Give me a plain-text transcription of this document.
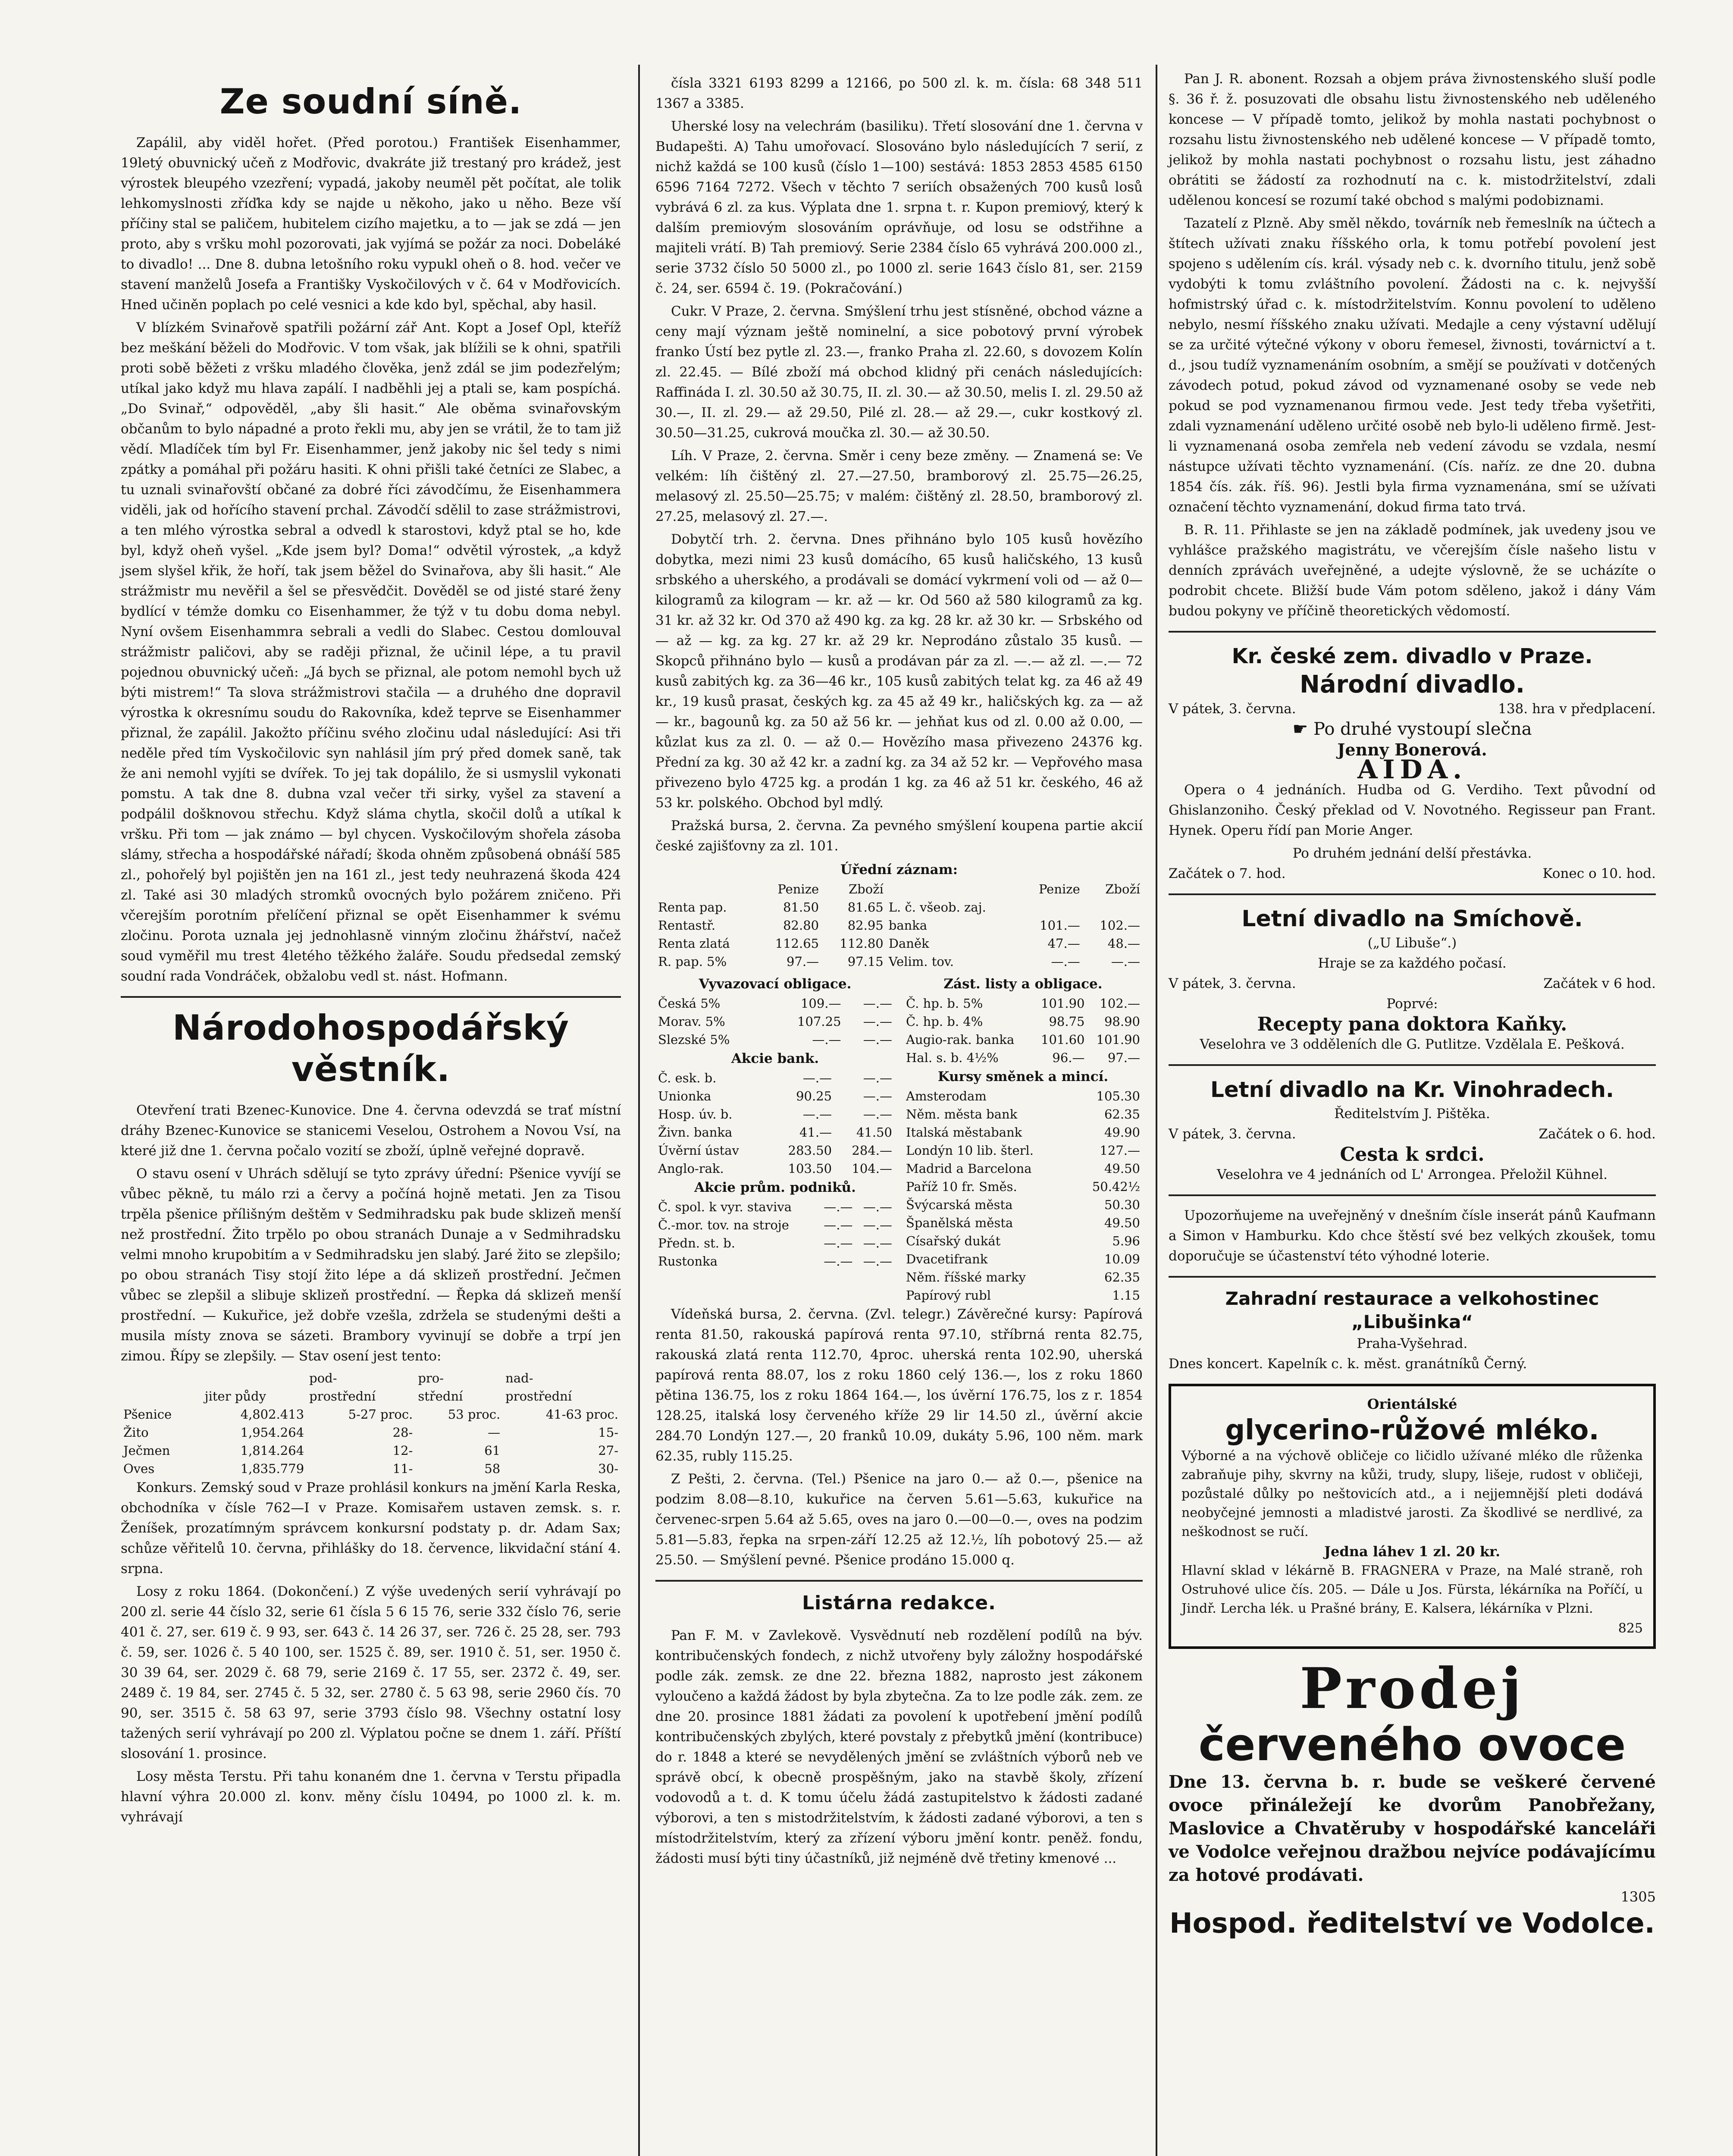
Ze soudní síně.

Zapálil, aby viděl hořet. (Před porotou.) František Eisenhammer, 19letý obuvnický učeň z Modřovic, dvakráte již trestaný pro krádež, jest výrostek bleupého vzezření; vypadá, jakoby neuměl pět počítat, ale tolik lehkomyslnosti zříďka kdy se najde u někoho, jako u něho. Beze vší příčiny stal se paličem, hubitelem cizího majetku, a to — jak se zdá — jen proto, aby s vršku mohl pozorovati, jak vyjímá se požár za noci. Dobeláké to divadlo! ... Dne 8. dubna letošního roku vypukl oheň o 8. hod. večer ve stavení manželů Josefa a Františky Vyskočilových v č. 64 v Modřovicích. Hned učiněn poplach po celé vesnici a kde kdo byl, spěchal, aby hasil.

V blízkém Svinařově spatřili požární zář Ant. Kopt a Josef Opl, kteříž bez meškání běželi do Modřovic. V tom však, jak blížili se k ohni, spatřili proti sobě běžeti z vršku mladého člověka, jenž zdál se jim podezřelým; utíkal jako když mu hlava zapálí. I nadběhli jej a ptali se, kam pospíchá. „Do Svinař,“ odpověděl, „aby šli hasit.“ Ale oběma svinařovským občanům to bylo nápadné a proto řekli mu, aby jen se vrátil, že to tam již vědí. Mladíček tím byl Fr. Eisenhammer, jenž jakoby nic šel tedy s nimi zpátky a pomáhal při požáru hasiti. K ohni přišli také četníci ze Slabec, a tu uznali svinařovští občané za dobré říci závodčímu, že Eisenhammera viděli, jak od hořícího stavení prchal. Závodčí sdělil to zase strážmistrovi, a ten mlého výrostka sebral a odvedl k starostovi, když ptal se ho, kde byl, když oheň vyšel. „Kde jsem byl? Doma!“ odvětil výrostek, „a když jsem slyšel křik, že hoří, tak jsem běžel do Svinařova, aby šli hasit.“ Ale strážmistr mu nevěřil a šel se přesvědčit. Dověděl se od jisté staré ženy bydlící v témže domku co Eisenhammer, že týž v tu dobu doma nebyl. Nyní ovšem Eisenhammra sebrali a vedli do Slabec. Cestou domlouval strážmistr paličovi, aby se raději přiznal, že učinil lépe, a tu pravil pojednou obuvnický učeň: „Já bych se přiznal, ale potom nemohl bych už býti mistrem!“ Ta slova strážmistrovi stačila — a druhého dne dopravil výrostka k okresnímu soudu do Rakovníka, kdež teprve se Eisenhammer přiznal, že zapálil. Jakožto příčinu svého zločinu udal následující: Asi tři neděle před tím Vyskočilovic syn nahlásil jím prý před domek saně, tak že ani nemohl vyjíti se dvířek. To jej tak dopálilo, že si usmyslil vykonati pomstu. A tak dne 8. dubna vzal večer tři sirky, vyšel za stavení a podpálil došknovou střechu. Když sláma chytla, skočil dolů a utíkal k vršku. Při tom — jak známo — byl chycen. Vyskočilovým shořela zásoba slámy, střecha a hospodářské nářadí; škoda ohněm způsobená obnáší 585 zl., pohořelý byl pojištěn jen na 161 zl., jest tedy neuhrazená škoda 424 zl. Také asi 30 mladých stromků ovocných bylo požárem zničeno. Při včerejším porotním přelíčení přiznal se opět Eisenhammer k svému zločinu. Porota uznala jej jednohlasně vinným zločinu žhářství, načež soud vyměřil mu trest 4letého těžkého žaláře. Soudu předsedal zemský soudní rada Vondráček, obžalobu vedl st. nást. Hofmann.

Národohospodářský věstník.

Otevření trati Bzenec-Kunovice. Dne 4. června odevzdá se trať místní dráhy Bzenec-Kunovice se stanicemi Veselou, Ostrohem a Novou Vsí, na které již dne 1. června počalo vozití se zboží, úplně veřejné dopravě.

O stavu osení v Uhrách sdělují se tyto zprávy úřední: Pšenice vyvíjí se vůbec pěkně, tu málo rzi a červy a počíná hojně metati. Jen za Tisou trpěla pšenice přílišným deštěm v Sedmihradsku pak bude sklizeň menší než prostřední. Žito trpělo po obou stranách Dunaje a v Sedmihradsku velmi mnoho krupobitím a v Sedmihradsku jen slabý. Jaré žito se zlepšilo; po obou stranách Tisy stojí žito lépe a dá sklizeň prostřední. Ječmen vůbec se zlepšil a slibuje sklizeň prostřední. — Řepka dá sklizeň menší prostřední. — Kukuřice, jež dobře vzešla, zdržela se studenými dešti a musila místy znova se sázeti. Brambory vyvinují se dobře a trpí jen zimou. Řípy se zlepšily. — Stav osení jest tento:

		pod-	pro-	nad-
	jiter půdy	prostřední	střední	prostřední
Pšenice	4,802.413	5-27 proc.	53 proc.	41-63 proc.
Žito	1,954.264	28-	—	15-
Ječmen	1,814.264	12-	61	27-
Oves	1,835.779	11-	58	30-

Konkurs. Zemský soud v Praze prohlásil konkurs na jmění Karla Reska, obchodníka v čísle 762—I v Praze. Komisařem ustaven zemsk. s. r. Ženíšek, prozatímným správcem konkursní podstaty p. dr. Adam Sax; schůze věřitelů 10. června, přihlášky do 18. července, likvidační stání 4. srpna.

Losy z roku 1864. (Dokončení.) Z výše uvedených serií vyhrávají po 200 zl. serie 44 číslo 32, serie 61 čísla 5 6 15 76, serie 332 číslo 76, serie 401 č. 27, ser. 619 č. 9 93, ser. 643 č. 14 26 37, ser. 726 č. 25 28, ser. 793 č. 59, ser. 1026 č. 5 40 100, ser. 1525 č. 89, ser. 1910 č. 51, ser. 1950 č. 30 39 64, ser. 2029 č. 68 79, serie 2169 č. 17 55, ser. 2372 č. 49, ser. 2489 č. 19 84, ser. 2745 č. 5 32, ser. 2780 č. 5 63 98, serie 2960 čís. 70 90, ser. 3515 č. 58 63 97, serie 3793 číslo 98. Všechny ostatní losy tažených serií vyhrávají po 200 zl. Výplatou počne se dnem 1. září. Příští slosování 1. prosince.

Losy města Terstu. Při tahu konaném dne 1. června v Terstu připadla hlavní výhra 20.000 zl. konv. měny číslu 10494, po 1000 zl. k. m. vyhrávají

čísla 3321 6193 8299 a 12166, po 500 zl. k. m. čísla: 68 348 511 1367 a 3385.

Uherské losy na velechrám (basiliku). Třetí slosování dne 1. června v Budapešti. A) Tahu umořovací. Slosováno bylo následujících 7 serií, z nichž každá se 100 kusů (číslo 1—100) sestává: 1853 2853 4585 6150 6596 7164 7272. Všech v těchto 7 seriích obsažených 700 kusů losů vybrává 6 zl. za kus. Výplata dne 1. srpna t. r. Kupon premiový, který k dalším premiovým slosováním oprávňuje, od losu se odstřihne a majiteli vrátí. B) Tah premiový. Serie 2384 číslo 65 vyhrává 200.000 zl., serie 3732 číslo 50 5000 zl., po 1000 zl. serie 1643 číslo 81, ser. 2159 č. 24, ser. 6594 č. 19. (Pokračování.)

Cukr. V Praze, 2. června. Smýšlení trhu jest stísněné, obchod vázne a ceny mají význam ještě nominelní, a sice pobotový první výrobek franko Ústí bez pytle zl. 23.—, franko Praha zl. 22.60, s dovozem Kolín zl. 22.45. — Bílé zboží má obchod klidný při cenách následujících: Raffináda I. zl. 30.50 až 30.75, II. zl. 30.— až 30.50, melis I. zl. 29.50 až 30.—, II. zl. 29.— až 29.50, Pilé zl. 28.— až 29.—, cukr kostkový zl. 30.50—31.25, cukrová moučka zl. 30.— až 30.50.

Líh. V Praze, 2. června. Směr i ceny beze změny. — Znamená se: Ve velkém: líh čištěný zl. 27.—27.50, bramborový zl. 25.75—26.25, melasový zl. 25.50—25.75; v malém: čištěný zl. 28.50, bramborový zl. 27.25, melasový zl. 27.—.

Dobytčí trh. 2. června. Dnes přihnáno bylo 105 kusů hovězího dobytka, mezi nimi 23 kusů domácího, 65 kusů haličského, 13 kusů srbského a uherského, a prodávali se domácí vykrmení voli od — až 0— kilogramů za kilogram — kr. až — kr. Od 560 až 580 kilogramů za kg. 31 kr. až 32 kr. Od 370 až 490 kg. za kg. 28 kr. až 30 kr. — Srbského od — až — kg. za kg. 27 kr. až 29 kr. Neprodáno zůstalo 35 kusů. — Skopců přihnáno bylo — kusů a prodávan pár za zl. —.— až zl. —.— 72 kusů zabitých kg. za 36—46 kr., 105 kusů zabitých telat kg. za 46 až 49 kr., 19 kusů prasat, českých kg. za 45 až 49 kr., haličských kg. za — až — kr., bagounů kg. za 50 až 56 kr. — jehňat kus od zl. 0.00 až 0.00, — kůzlat kus za zl. 0. — až 0.— Hovězího masa přivezeno 24376 kg. Přední za kg. 30 až 42 kr. a zadní kg. za 34 až 52 kr. — Vepřového masa přivezeno bylo 4725 kg. a prodán 1 kg. za 46 až 51 kr. českého, 46 až 53 kr. polského. Obchod byl mdlý.

Pražská bursa, 2. června. Za pevného smýšlení koupena partie akcií české zajišťovny za zl. 101.

Úřední záznam:
	Penize	Zboží		Penize	Zboží
Renta pap.	81.50	81.65	L. č. všeob. zaj.		
Rentastř.	82.80	82.95	banka	101.—	102.—
Renta zlatá	112.65	112.80	Daněk	47.—	48.—
R. pap. 5%	97.—	97.15	Velim. tov.	—.—	—.—
Vyvazovací obligace.
Česká 5%	109.—	—.—
Morav. 5%	107.25	—.—
Slezské 5%	—.—	—.—
Akcie bank.
Č. esk. b.	—.—	—.—
Unionka	90.25	—.—
Hosp. úv. b.	—.—	—.—
Živn. banka	41.—	41.50
Úvěrní ústav	283.50	284.—
Anglo-rak.	103.50	104.—
Akcie prům. podniků.
Č. spol. k vyr. staviva	—.—	—.—
Č.-mor. tov. na stroje	—.—	—.—
Předn. st. b.	—.—	—.—
Rustonka	—.—	—.—
Zást. listy a obligace.
Č. hp. b. 5%	101.90	102.—
Č. hp. b. 4%	98.75	98.90
Augio-rak. banka	101.60	101.90
Hal. s. b. 4½%	96.—	97.—
Kursy směnek a mincí.
Amsterodam	105.30
Něm. města bank	62.35
Italská městabank	49.90
Londýn 10 lib. šterl.	127.—
Madrid a Barcelona	49.50
Paříž 10 fr. Směs.	50.42½
Švýcarská města	50.30
Španělská města	49.50
Císařský dukát	5.96
Dvacetifrank	10.09
Něm. říšské marky	62.35
Papírový rubl	1.15

Vídeňská bursa, 2. června. (Zvl. telegr.) Závěrečné kursy: Papírová renta 81.50, rakouská papírová renta 97.10, stříbrná renta 82.75, rakouská zlatá renta 112.70, 4proc. uherská renta 102.90, uherská papírová renta 88.07, los z roku 1860 celý 136.—, los z roku 1860 pětina 136.75, los z roku 1864 164.—, los úvěrní 176.75, los z r. 1854 128.25, italská losy červeného kříže 29 lir 14.50 zl., úvěrní akcie 284.70 Londýn 127.—, 20 franků 10.09, dukáty 5.96, 100 něm. mark 62.35, rubly 115.25.

Z Pešti, 2. června. (Tel.) Pšenice na jaro 0.— až 0.—, pšenice na podzim 8.08—8.10, kukuřice na červen 5.61—5.63, kukuřice na červenec-srpen 5.64 až 5.65, oves na jaro 0.—00—0.—, oves na podzim 5.81—5.83, řepka na srpen-září 12.25 až 12.½, líh pobotový 25.— až 25.50. — Smýšlení pevné. Pšenice prodáno 15.000 q.

Listárna redakce.

Pan F. M. v Zavlekově. Vysvědnutí neb rozdělení podílů na býv. kontribučenských fondech, z nichž utvořeny byly záložny hospodářské podle zák. zemsk. ze dne 22. března 1882, naprosto jest zákonem vyloučeno a každá žádost by byla zbytečna. Za to lze podle zák. zem. ze dne 20. prosince 1881 žádati za povolení k upotřebení jmění podílů kontribučenských zbylých, které povstaly z přebytků jmění (kontribuce) do r. 1848 a které se nevydělených jmění se zvláštních výborů neb ve správě obcí, k obecně prospěšným, jako na stavbě školy, zřízení vodovodů a t. d. K tomu účelu žádá zastupitelstvo k žádosti zadané výborovi, a ten s mistodržitelstvím, k žádosti zadané výborovi, a ten s místodržitelstvím, který za zřízení výboru jmění kontr. peněž. fondu, žádosti musí býti tiny účastníků, již nejméně dvě třetiny kmenové ...

Pan J. R. abonent. Rozsah a objem práva živnostenského sluší podle §. 36 ř. ž. posuzovati dle obsahu listu živnostenského neb uděleného koncese — V případě tomto, jelikož by mohla nastati pochybnost o rozsahu listu živnostenského neb udělené koncese — V případě tomto, jelikož by mohla nastati pochybnost o rozsahu listu, jest záhadno obrátiti se žádostí za rozhodnutí na c. k. mistodržitelství, zdali udělenou koncesí se rozumí také obchod s malými podobiznami.

Tazatelí z Plzně. Aby směl někdo, továrník neb řemeslník na účtech a štítech užívati znaku říšského orla, k tomu potřebí povolení jest spojeno s udělením cís. král. výsady neb c. k. dvorního titulu, jenž sobě vydobýti k tomu zvláštního povolení. Žádosti na c. k. nejvyšší hofmistrský úřad c. k. místodržitelstvím. Konnu povolení to uděleno nebylo, nesmí říšského znaku užívati. Medajle a ceny výstavní udělují se za určité výtečné výkony v oboru řemesel, živnosti, továrnictví a t. d., jsou tudíž vyznamenáním osobním, a smějí se používati v dotčených závodech potud, pokud závod od vyznamenané osoby se vede neb pokud se pod vyznamenanou firmou vede. Jest tedy třeba vyšetřiti, zdali vyznamenání uděleno určité osobě neb bylo-li uděleno firmě. Jest-li vyznamenaná osoba zemřela neb vedení závodu se vzdala, nesmí nástupce užívati těchto vyznamenání. (Cís. naříz. ze dne 20. dubna 1854 čís. zák. říš. 96). Jestli byla firma vyznamenána, smí se užívati označení těchto vyznamenání, dokud firma tato trvá.

B. R. 11. Přihlaste se jen na základě podmínek, jak uvedeny jsou ve vyhlášce pražského magistrátu, ve včerejším čísle našeho listu v denních zprávách uveřejněné, a udejte výslovně, že se ucházíte o podrobit chcete. Bližší bude Vám potom sděleno, jakož i dány Vám budou pokyny ve příčině theoretických vědomostí.

Kr. české zem. divadlo v Praze.
Národní divadlo.
V pátek, 3. června.	138. hra v předplacení.
☛ Po druhé vystoupí slečna
Jenny Bonerová.
AIDA.

Opera o 4 jednáních. Hudba od G. Verdiho. Text původní od Ghislanzoniho. Český překlad od V. Novotného. Regisseur pan Frant. Hynek. Operu řídí pan Morie Anger.

Po druhém jednání delší přestávka.
Začátek o 7. hod.	Konec o 10. hod.
Letní divadlo na Smíchově.
(„U Libuše“.)
Hraje se za každého počasí.
V pátek, 3. června.	Začátek v 6 hod.
Poprvé:
Recepty pana doktora Kaňky.
Veselohra ve 3 odděleních dle G. Putlitze. Vzdělala E. Pešková.
Letní divadlo na Kr. Vinohradech.
Ředitelstvím J. Pištěka.
V pátek, 3. června.	Začátek o 6. hod.
Cesta k srdci.
Veselohra ve 4 jednáních od L' Arrongea. Přeložil Kühnel.

Upozorňujeme na uveřejněný v dnešním čísle inserát pánů Kaufmann a Simon v Hamburku. Kdo chce štěstí své bez velkých zkoušek, tomu doporučuje se účastenství této výhodné loterie.

Zahradní restaurace a velkohostinec „Libušinka“
Praha-Vyšehrad.
Dnes koncert. Kapelník c. k. měst. granátníků Černý.
Orientálské
glycerino-růžové mléko.
Výborné a na výchově obličeje co ličidlo užívané mléko dle růženka zabraňuje pihy, skvrny na kůži, trudy, slupy, lišeje, rudost v obličeji, pozůstalé důlky po neštovicích atd., a i nejjemnější pleti dodává neobyčejné jemnosti a mladistvé jarosti. Za škodlivé se nerdlivé, za neškodnost se ručí.
Jedna láhev 1 zl. 20 kr.
Hlavní sklad v lékárně B. FRAGNERA v Praze, na Malé straně, roh Ostruhové ulice čís. 205. — Dále u Jos. Fürsta, lékárníka na Poříčí, u Jindř. Lercha lék. u Prašné brány, E. Kalsera, lékárníka v Plzni.
825
Prodej
červeného ovoce
Dne 13. června b. r. bude se veškeré červené ovoce přináležejí ke dvorům Panobřežany, Maslovice a Chvatěruby v hospodářské kanceláři ve Vodolce veřejnou dražbou nejvíce podávajícímu za hotové prodávati.
1305
Hospod. ředitelství ve Vodolce.
